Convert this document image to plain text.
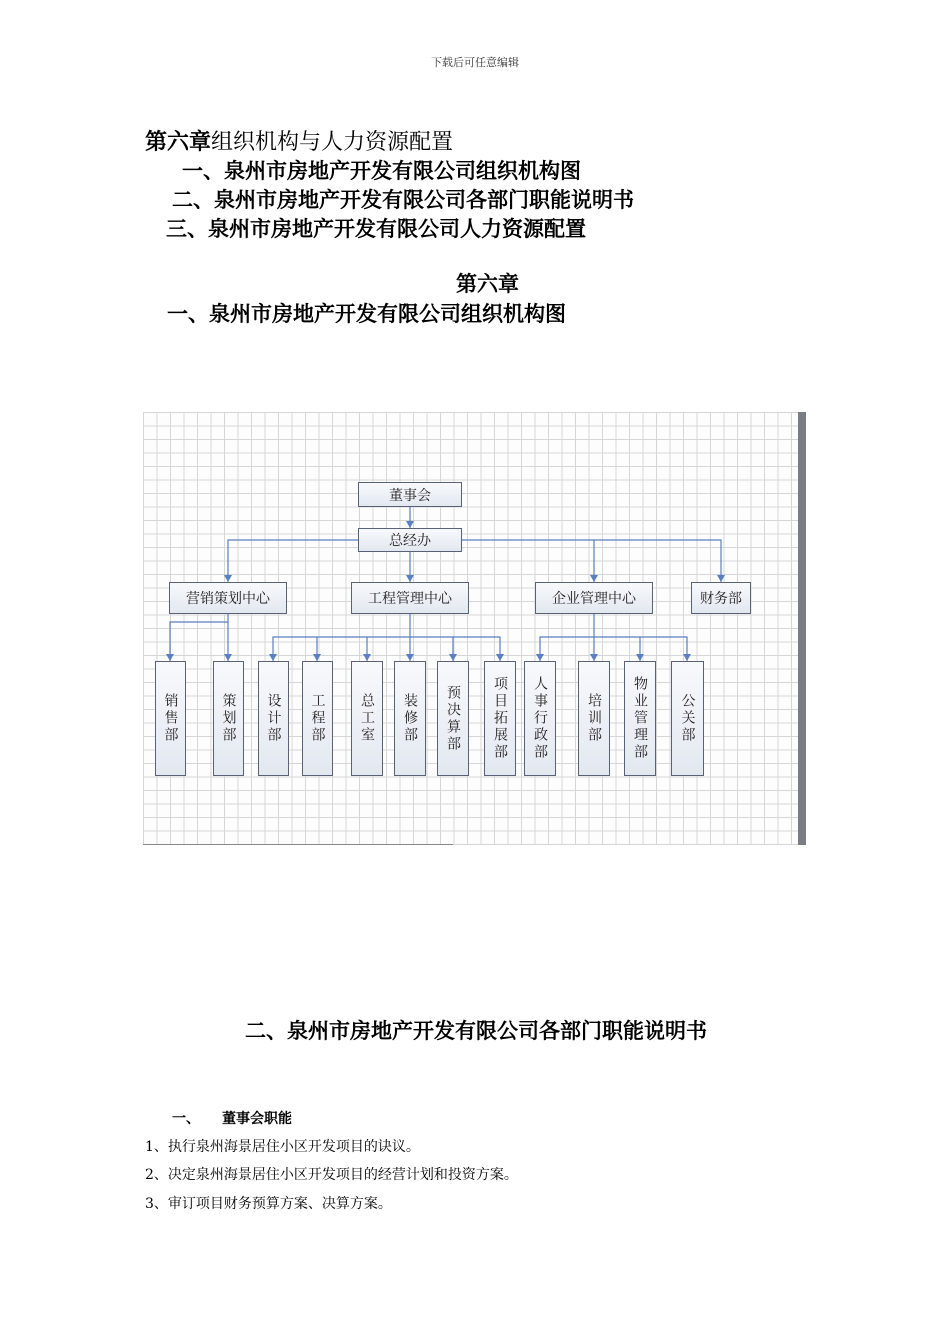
下载后可任意编辑
第六章组织机构与人力资源配置
一、泉州市房地产开发有限公司组织机构图
二、泉州市房地产开发有限公司各部门职能说明书
三、泉州市房地产开发有限公司人力资源配置
第六章
一、泉州市房地产开发有限公司组织机构图
董事会
总经办
营销策划中心	工程管理中心	企业管理中心	财务部
销售部	策划部	设计部	工程部	总工室	装修部	预决算部	项目拓展部	人事行政部	培训部	物业管理部	公关部
二、泉州市房地产开发有限公司各部门职能说明书
一、 董事会职能
1、执行泉州海景居住小区开发项目的诀议。
2、决定泉州海景居住小区开发项目的经营计划和投资方案。
3、审订项目财务预算方案、决算方案。
